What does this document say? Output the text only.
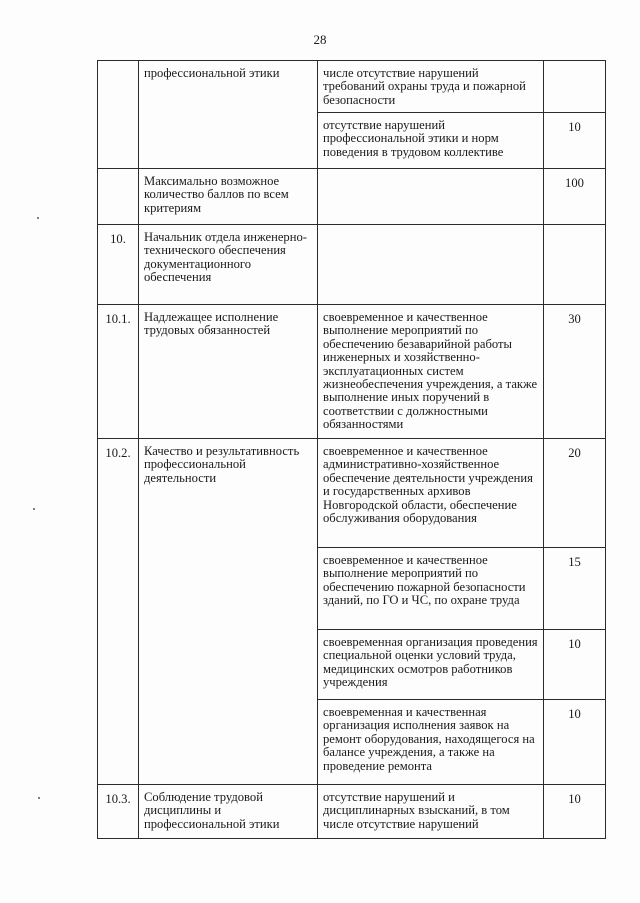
28
	профессиональной этики	числе отсутствие нарушений требований охраны труда и пожарной безопасности	
		отсутствие нарушений профессиональной этики и норм поведения в трудовом коллективе	10
	Максимально возможное количество баллов по всем критериям		100
10.	Начальник отдела инженерно-технического обеспечения документационного обеспечения		
10.1.	Надлежащее исполнение трудовых обязанностей	своевременное и качественное выполнение мероприятий по обеспечению безаварийной работы инженерных и хозяйственно-эксплуатационных систем жизнеобеспечения учреждения, а также выполнение иных поручений в соответствии с должностными обязанностями	30
10.2.	Качество и результативность профессиональной деятельности	своевременное и качественное административно-хозяйственное обеспечение деятельности учреждения и государственных архивов Новгородской области, обеспечение обслуживания оборудования	20
		своевременное и качественное выполнение мероприятий по обеспечению пожарной безопасности зданий, по ГО и ЧС, по охране труда	15
		своевременная организация проведения специальной оценки условий труда, медицинских осмотров работников учреждения	10
		своевременная и качественная организация исполнения заявок на ремонт оборудования, находящегося на балансе учреждения, а также на проведение ремонта	10
10.3.	Соблюдение трудовой дисциплины и профессиональной этики	отсутствие нарушений и дисциплинарных взысканий, в том числе отсутствие нарушений	10
